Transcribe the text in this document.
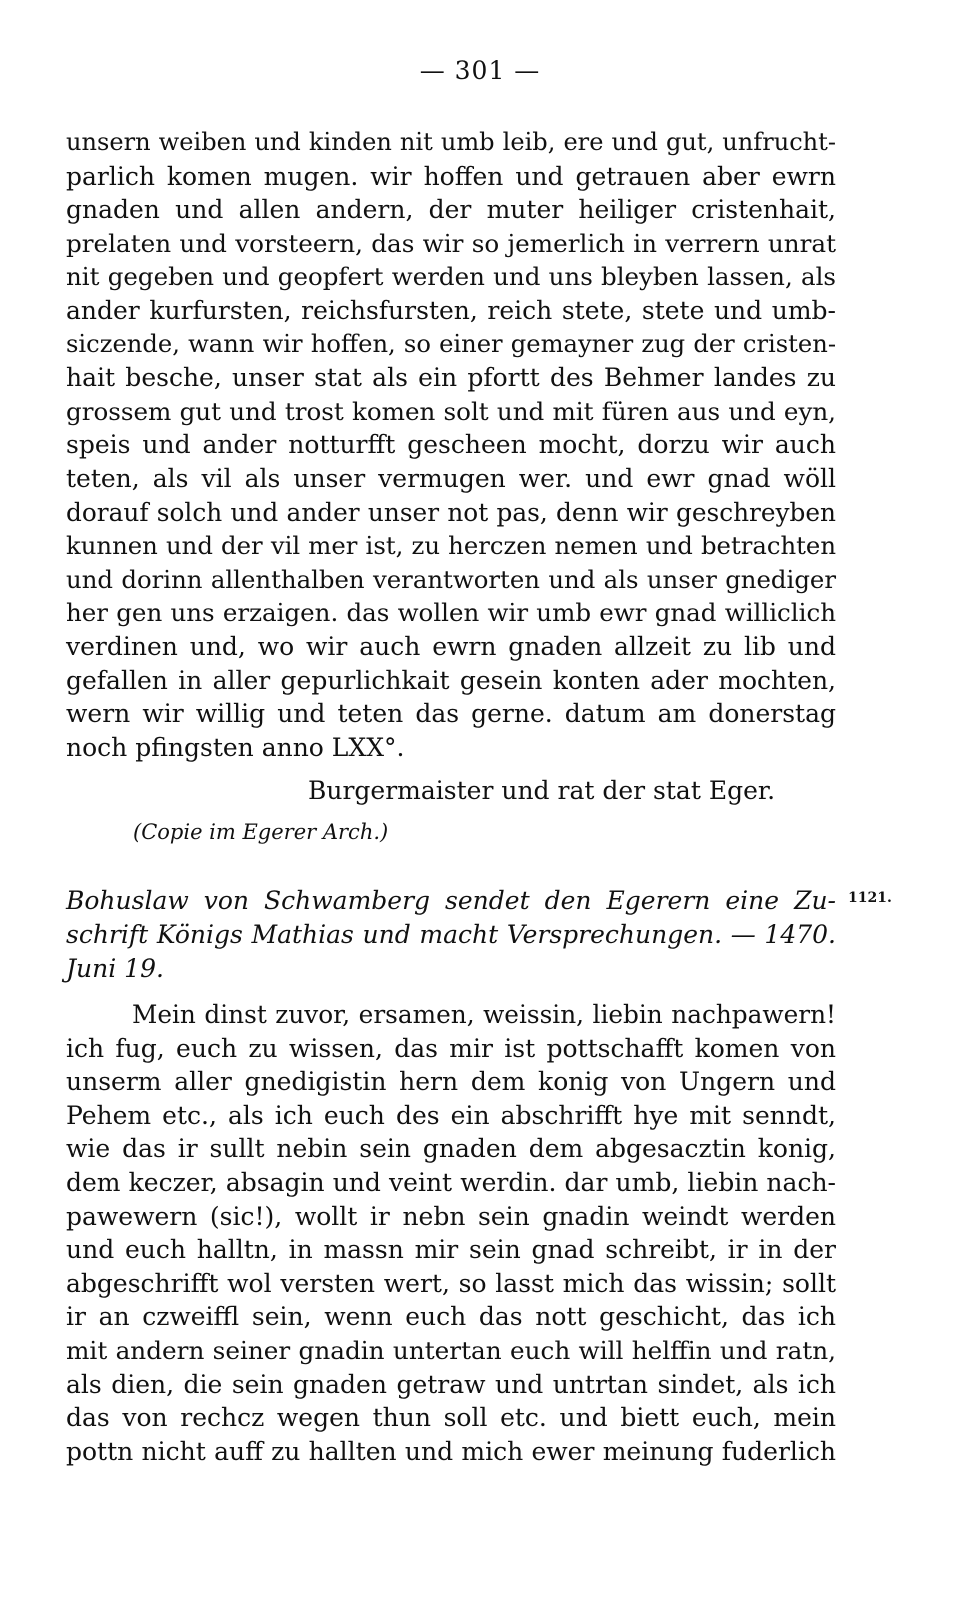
— 301 —
unsern weiben und kinden nit umb leib, ere und gut, unfrucht-
parlich komen mugen. wir hoffen und getrauen aber ewrn
gnaden und allen andern, der muter heiliger cristenhait,
prelaten und vorsteern, das wir so jemerlich in verrern unrat
nit gegeben und geopfert werden und uns bleyben lassen, als
ander kurfursten, reichsfursten, reich stete, stete und umb-
siczende, wann wir hoffen, so einer gemayner zug der cristen-
hait besche, unser stat als ein pfortt des Behmer landes zu
grossem gut und trost komen solt und mit füren aus und eyn,
speis und ander notturfft gescheen mocht, dorzu wir auch
teten, als vil als unser vermugen wer. und ewr gnad wöll
dorauf solch und ander unser not pas, denn wir geschreyben
kunnen und der vil mer ist, zu herczen nemen und betrachten
und dorinn allenthalben verantworten und als unser gnediger
her gen uns erzaigen. das wollen wir umb ewr gnad williclich
verdinen und, wo wir auch ewrn gnaden allzeit zu lib und
gefallen in aller gepurlichkait gesein konten ader mochten,
wern wir willig und teten das gerne. datum am donerstag
noch pfingsten anno LXX°.
Burgermaister und rat der stat Eger.
(Copie im Egerer Arch.)
1121.
Bohuslaw von Schwamberg sendet den Egerern eine Zu-
schrift Königs Mathias und macht Versprechungen. — 1470.
Juni 19.
Mein dinst zuvor, ersamen, weissin, liebin nachpawern!
ich fug, euch zu wissen, das mir ist pottschafft komen von
unserm aller gnedigistin hern dem konig von Ungern und
Pehem etc., als ich euch des ein abschrifft hye mit senndt,
wie das ir sullt nebin sein gnaden dem abgesacztin konig,
dem keczer, absagin und veint werdin. dar umb, liebin nach-
pawewern (sic!), wollt ir nebn sein gnadin weindt werden
und euch halltn, in massn mir sein gnad schreibt, ir in der
abgeschrifft wol versten wert, so lasst mich das wissin; sollt
ir an czweiffl sein, wenn euch das nott geschicht, das ich
mit andern seiner gnadin untertan euch will helffin und ratn,
als dien, die sein gnaden getraw und untrtan sindet, als ich
das von rechcz wegen thun soll etc. und biett euch, mein
pottn nicht auff zu hallten und mich ewer meinung fuderlich
